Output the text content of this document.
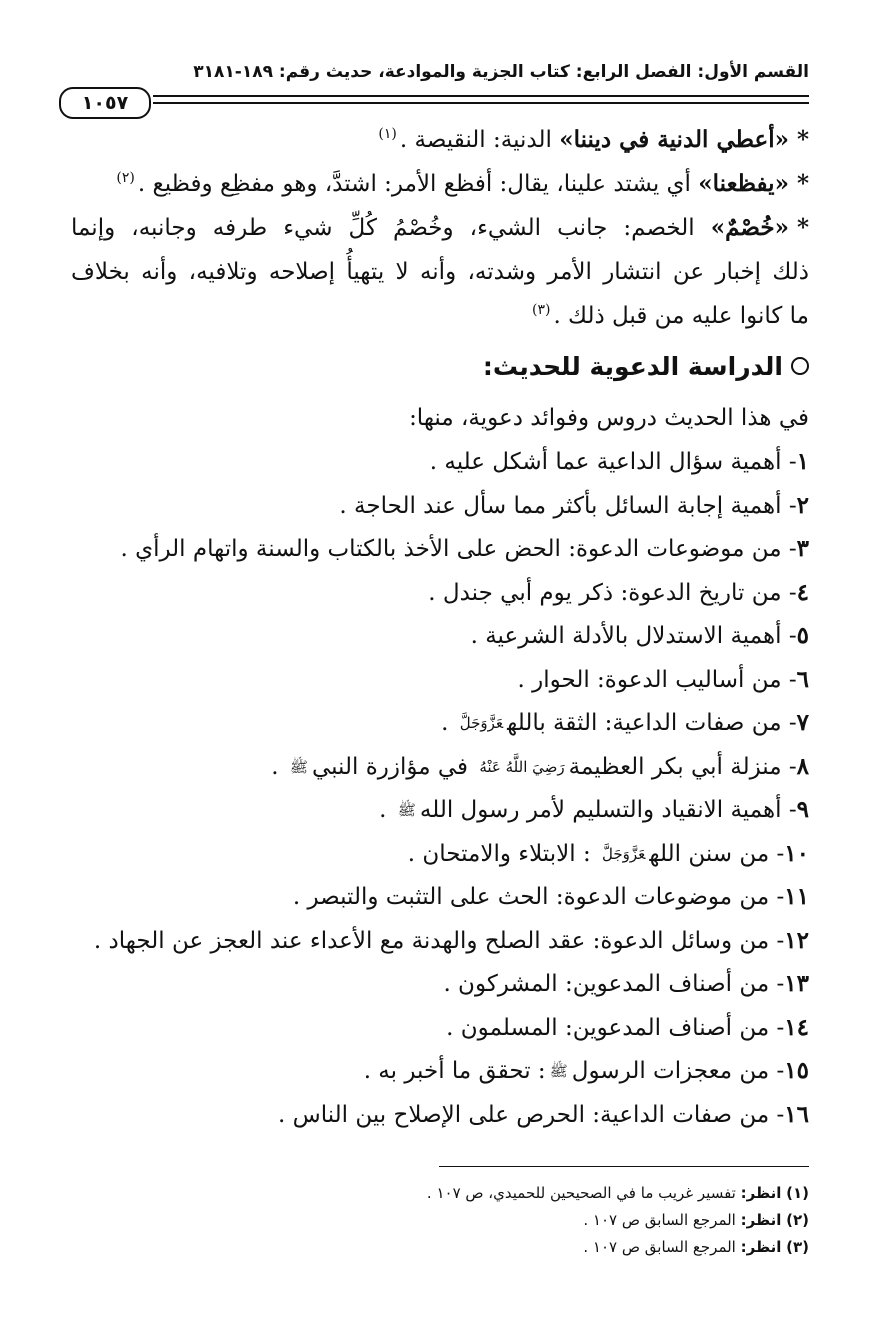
القسم الأول: الفصل الرابع: كتاب الجزية والموادعة، حديث رقم: ١٨٩-٣١٨١
١٠٥٧
*«أعطي الدنية في ديننا» الدنية: النقيصة .$^{(١)}$
*«يفظعنا» أي يشتد علينا، يقال: أفظع الأمر: اشتدَّ، وهو مفظِع وفظيع .$^{(٢)}$
*«خُصْمٌ» الخصم: جانب الشيء، وخُصْمُ كُلِّ شيء طرفه وجانبه، وإنما
ذلك إخبار عن انتشار الأمر وشدته، وأنه لا يتهيأُ إصلاحه وتلافيه، وأنه بخلاف
ما كانوا عليه من قبل ذلك .$^{(٣)}$
الدراسة الدعوية للحديث:
في هذا الحديث دروس وفوائد دعوية، منها:
١- أهمية سؤال الداعية عما أشكل عليه .
٢- أهمية إجابة السائل بأكثر مما سأل عند الحاجة .
٣- من موضوعات الدعوة: الحض على الأخذ بالكتاب والسنة واتهام الرأي .
٤- من تاريخ الدعوة: ذكر يوم أبي جندل .
٥- أهمية الاستدلال بالأدلة الشرعية .
٦- من أساليب الدعوة: الحوار .
٧- من صفات الداعية: الثقة باللهعَزَّوَجَلَّ .
٨- منزلة أبي بكر العظيمةرَضِيَ اللَّهُ عَنْهُ في مؤازرة النبيﷺ .
٩- أهمية الانقياد والتسليم لأمر رسول اللهﷺ .
١٠- من سنن اللهعَزَّوَجَلَّ : الابتلاء والامتحان .
١١- من موضوعات الدعوة: الحث على التثبت والتبصر .
١٢- من وسائل الدعوة: عقد الصلح والهدنة مع الأعداء عند العجز عن الجهاد .
١٣- من أصناف المدعوين: المشركون .
١٤- من أصناف المدعوين: المسلمون .
١٥- من معجزات الرسولﷺ: تحقق ما أخبر به .
١٦- من صفات الداعية: الحرص على الإصلاح بين الناس .
(١) انظر: تفسير غريب ما في الصحيحين للحميدي، ص ١٠٧ .
(٢) انظر: المرجع السابق ص ١٠٧ .
(٣) انظر: المرجع السابق ص ١٠٧ .
